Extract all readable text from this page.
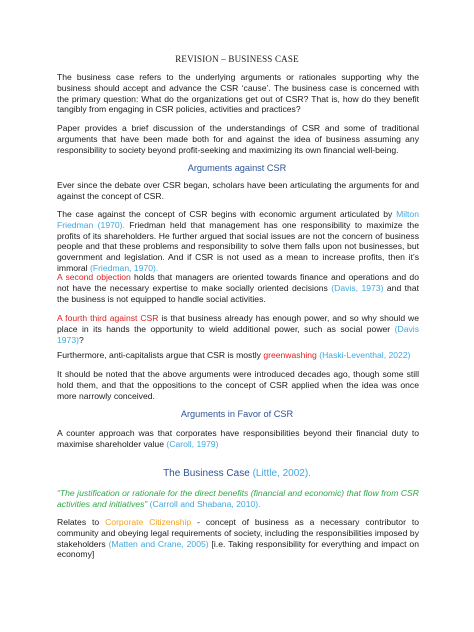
REVISION – BUSINESS CASE

The business case refers to the underlying arguments or rationales supporting why the business should accept and advance the CSR ‘cause’. The business case is concerned with the primary question: What do the organizations get out of CSR? That is, how do they benefit tangibly from engaging in CSR policies, activities and practices?

Paper provides a brief discussion of the understandings of CSR and some of traditional arguments that have been made both for and against the idea of business assuming any responsibility to society beyond profit-seeking and maximizing its own financial well-being.

Arguments against CSR

Ever since the debate over CSR began, scholars have been articulating the arguments for and against the concept of CSR.

The case against the concept of CSR begins with economic argument articulated by Milton Friedman (1970). Friedman held that management has one responsibility to maximize the profits of its shareholders. He further argued that social issues are not the concern of business people and that these problems and responsibility to solve them falls upon not businesses, but government and legislation. And if CSR is not used as a mean to increase profits, then it’s immoral (Friedman, 1970).

A second objection holds that managers are oriented towards finance and operations and do not have the necessary expertise to make socially oriented decisions (Davis, 1973) and that the business is not equipped to handle social activities.

A fourth third against CSR is that business already has enough power, and so why should we place in its hands the opportunity to wield additional power, such as social power (Davis 1973)?

Furthermore, anti-capitalists argue that CSR is mostly greenwashing (Haski-Leventhal, 2022)

It should be noted that the above arguments were introduced decades ago, though some still hold them, and that the oppositions to the concept of CSR applied when the idea was once more narrowly conceived.

Arguments in Favor of CSR

A counter approach was that corporates have responsibilities beyond their financial duty to maximise shareholder value (Caroll, 1979)

The Business Case (Little, 2002).

“The justification or rationale for the direct benefits (financial and economic) that flow from CSR activities and initiatives” (Carroll and Shabana, 2010).

Relates to Corporate Citizenship - concept of business as a necessary contributor to community and obeying legal requirements of society, including the responsibilities imposed by stakeholders (Matten and Crane, 2005) [i.e. Taking responsibility for everything and impact on economy]
